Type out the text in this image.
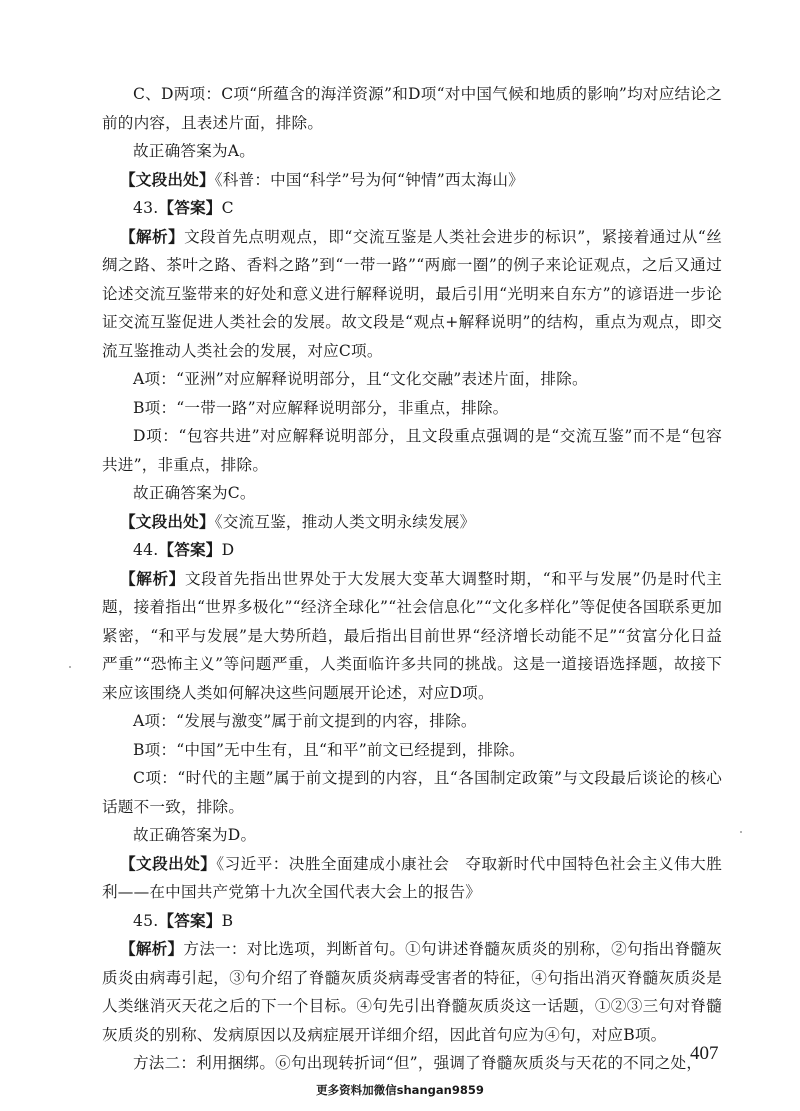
C、D两项：C项“所蕴含的海洋资源”和D项“对中国气候和地质的影响”均对应结论之前的内容，且表述片面，排除。

故正确答案为A。

【文段出处】《科普：中国“科学”号为何“钟情”西太海山》

43.【答案】C

【解析】文段首先点明观点，即“交流互鉴是人类社会进步的标识”，紧接着通过从“丝绸之路、茶叶之路、香料之路”到“一带一路”“两廊一圈”的例子来论证观点，之后又通过论述交流互鉴带来的好处和意义进行解释说明，最后引用“光明来自东方”的谚语进一步论证交流互鉴促进人类社会的发展。故文段是“观点+解释说明”的结构，重点为观点，即交流互鉴推动人类社会的发展，对应C项。

A项：“亚洲”对应解释说明部分，且“文化交融”表述片面，排除。

B项：“一带一路”对应解释说明部分，非重点，排除。

D项：“包容共进”对应解释说明部分，且文段重点强调的是“交流互鉴”而不是“包容共进”，非重点，排除。

故正确答案为C。

【文段出处】《交流互鉴，推动人类文明永续发展》

44.【答案】D

【解析】文段首先指出世界处于大发展大变革大调整时期，“和平与发展”仍是时代主题，接着指出“世界多极化”“经济全球化”“社会信息化”“文化多样化”等促使各国联系更加紧密，“和平与发展”是大势所趋，最后指出目前世界“经济增长动能不足”“贫富分化日益严重”“恐怖主义”等问题严重，人类面临许多共同的挑战。这是一道接语选择题，故接下来应该围绕人类如何解决这些问题展开论述，对应D项。

A项：“发展与激变”属于前文提到的内容，排除。

B项：“中国”无中生有，且“和平”前文已经提到，排除。

C项：“时代的主题”属于前文提到的内容，且“各国制定政策”与文段最后谈论的核心话题不一致，排除。

故正确答案为D。

【文段出处】《习近平：决胜全面建成小康社会　夺取新时代中国特色社会主义伟大胜利——在中国共产党第十九次全国代表大会上的报告》

45.【答案】B

【解析】方法一：对比选项，判断首句。①句讲述脊髓灰质炎的别称，②句指出脊髓灰质炎由病毒引起，③句介绍了脊髓灰质炎病毒受害者的特征，④句指出消灭脊髓灰质炎是人类继消灭天花之后的下一个目标。④句先引出脊髓灰质炎这一话题，①②③三句对脊髓灰质炎的别称、发病原因以及病症展开详细介绍，因此首句应为④句，对应B项。

方法二：利用捆绑。⑥句出现转折词“但”，强调了脊髓灰质炎与天花的不同之处，

407
更多资料加微信shangan9859
